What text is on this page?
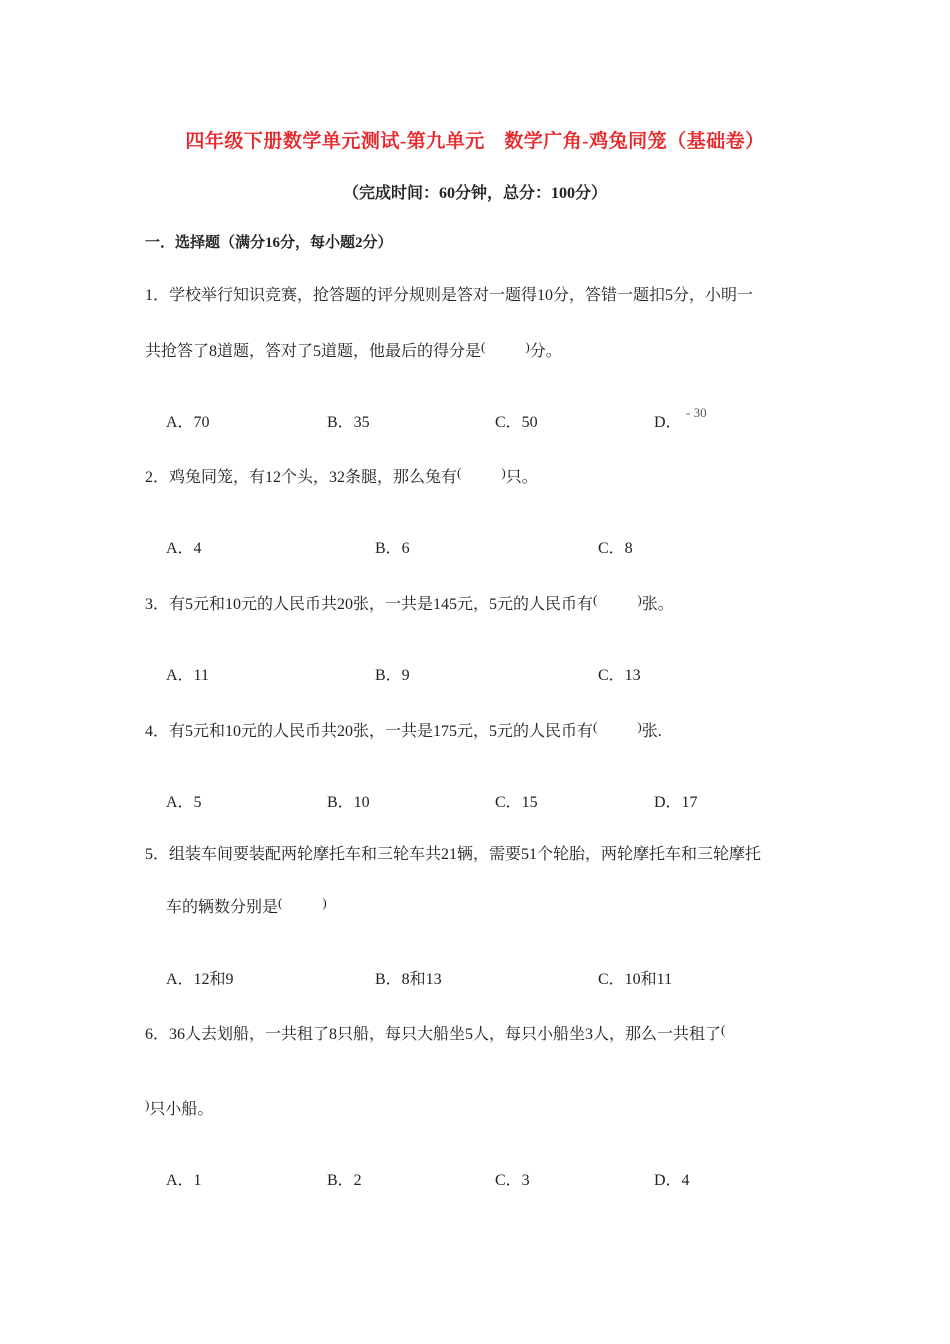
四年级下册数学单元测试-第九单元　数学广角-鸡兔同笼（基础卷）
（完成时间：60分钟，总分：100分）
一．选择题（满分16分，每小题2分）
1．学校举行知识竞赛，抢答题的评分规则是答对一题得10分，答错一题扣5分，小明一
共抢答了8道题，答对了5道题，他最后的得分是(	)分。
A．70	B．35	C．50	D．
- 30
2．鸡兔同笼，有12个头，32条腿，那么兔有(	)只。
A．4	B．6	C．8
3．有5元和10元的人民币共20张，一共是145元，5元的人民币有(	)张。
A．11	B．9	C．13
4．有5元和10元的人民币共20张，一共是175元，5元的人民币有(	)张.
A．5	B．10	C．15	D．17
5．组装车间要装配两轮摩托车和三轮车共21辆，需要51个轮胎，两轮摩托车和三轮摩托
车的辆数分别是(	)
A．12和9	B．8和13	C．10和11
6．36人去划船，一共租了8只船，每只大船坐5人，每只小船坐3人，那么一共租了(
)只小船。
A．1	B．2	C．3	D．4
